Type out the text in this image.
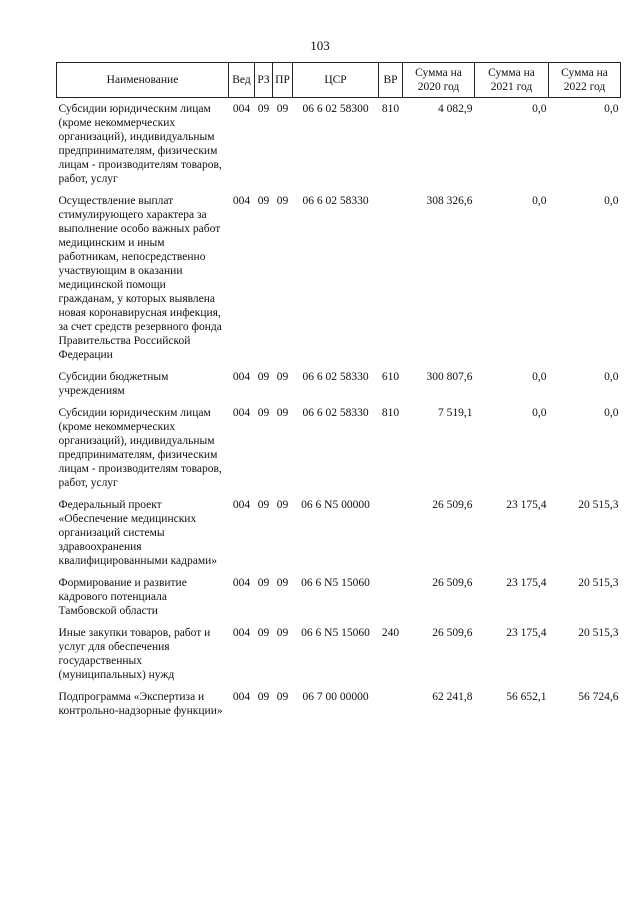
103
Наименование	Вед	РЗ	ПР	ЦСР	ВР	Сумма на 2020 год	Сумма на 2021 год	Сумма на 2022 год
Субсидии юридическим лицам (кроме некоммерческих организаций), индивидуальным предпринимателям, физическим лицам - производителям товаров, работ, услуг	004	09	09	06 6 02 58300	810	4 082,9	0,0	0,0
Осуществление выплат стимулирующего характера за выполнение особо важных работ медицинским и иным работникам, непосредственно участвующим в оказании медицинской помощи гражданам, у которых выявлена новая коронавирусная инфекция, за счет средств резервного фонда Правительства Российской Федерации	004	09	09	06 6 02 58330		308 326,6	0,0	0,0
Субсидии бюджетным учреждениям	004	09	09	06 6 02 58330	610	300 807,6	0,0	0,0
Субсидии юридическим лицам (кроме некоммерческих организаций), индивидуальным предпринимателям, физическим лицам - производителям товаров, работ, услуг	004	09	09	06 6 02 58330	810	7 519,1	0,0	0,0
Федеральный проект «Обеспечение медицинских организаций системы здравоохранения квалифицированными кадрами»	004	09	09	06 6 N5 00000		26 509,6	23 175,4	20 515,3
Формирование и развитие кадрового потенциала Тамбовской области	004	09	09	06 6 N5 15060		26 509,6	23 175,4	20 515,3
Иные закупки товаров, работ и услуг для обеспечения государственных (муниципальных) нужд	004	09	09	06 6 N5 15060	240	26 509,6	23 175,4	20 515,3
Подпрограмма «Экспертиза и контрольно-надзорные функции»	004	09	09	06 7 00 00000		62 241,8	56 652,1	56 724,6
